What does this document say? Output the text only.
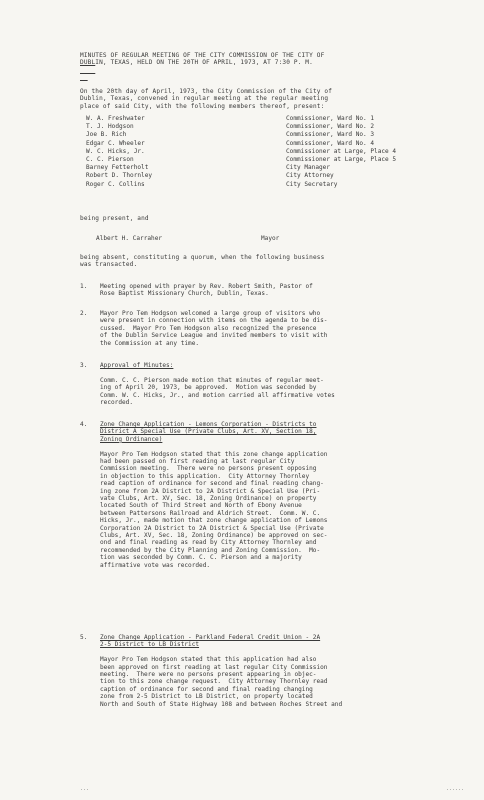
MINUTES OF REGULAR MEETING OF THE CITY COMMISSION OF THE CITY OF

DUBLIN, TEXAS, HELD ON THE 20TH OF APRIL, 1973, AT 7:30 P. M.

On the 20th day of April, 1973, the City Commission of the City of

Dublin, Texas, convened in regular meeting at the regular meeting

place of said City, with the following members thereof, present:

W. A. Freshwater	Commissioner, Ward No. 1
T. J. Hodgson	Commissioner, Ward No. 2
Joe B. Rich	Commissioner, Ward No. 3
Edgar C. Wheeler	Commissioner, Ward No. 4
W. C. Hicks, Jr.	Commissioner at Large, Place 4
C. C. Pierson	Commissioner at Large, Place 5
Barney Fetterholt	City Manager
Robert D. Thornley	City Attorney
Roger C. Collins	City Secretary
being present, and
Albert H. Carraher	Mayor

being absent, constituting a quorum, when the following business

was transacted.

1.

Meeting opened with prayer by Rev. Robert Smith, Pastor of

Rose Baptist Missionary Church, Dublin, Texas.

2.

Mayor Pro Tem Hodgson welcomed a large group of visitors who

were present in connection with items on the agenda to be dis-

cussed.  Mayor Pro Tem Hodgson also recognized the presence

of the Dublin Service League and invited members to visit with

the Commission at any time.

3.

Approval of Minutes:

Comm. C. C. Pierson made motion that minutes of regular meet-

ing of April 20, 1973, be approved.  Motion was seconded by

Comm. W. C. Hicks, Jr., and motion carried all affirmative votes

recorded.

4.

Zone Change Application - Lemons Corporation - Districts to

District A Special Use (Private Clubs, Art. XV, Section 18,

Zoning Ordinance)

Mayor Pro Tem Hodgson stated that this zone change application

had been passed on first reading at last regular City

Commission meeting.  There were no persons present opposing

in objection to this application.  City Attorney Thornley

read caption of ordinance for second and final reading chang-

ing zone from 2A District to 2A District & Special Use (Pri-

vate Clubs, Art. XV, Sec. 18, Zoning Ordinance) on property

located South of Third Street and North of Ebony Avenue

between Pattersons Railroad and Aldrich Street.  Comm. W. C.

Hicks, Jr., made motion that zone change application of Lemons

Corporation 2A District to 2A District & Special Use (Private

Clubs, Art. XV, Sec. 18, Zoning Ordinance) be approved on sec-

ond and final reading as read by City Attorney Thornley and

recommended by the City Planning and Zoning Commission.  Mo-

tion was seconded by Comm. C. C. Pierson and a majority

affirmative vote was recorded.

5.

Zone Change Application - Parkland Federal Credit Union - 2A

2-5 District to LB District

Mayor Pro Tem Hodgson stated that this application had also

been approved on first reading at last regular City Commission

meeting.  There were no persons present appearing in objec-

tion to this zone change request.  City Attorney Thornley read

caption of ordinance for second and final reading changing

zone from 2-5 District to LB District, on property located

North and South of State Highway 108 and between Roches Street and

...	......
